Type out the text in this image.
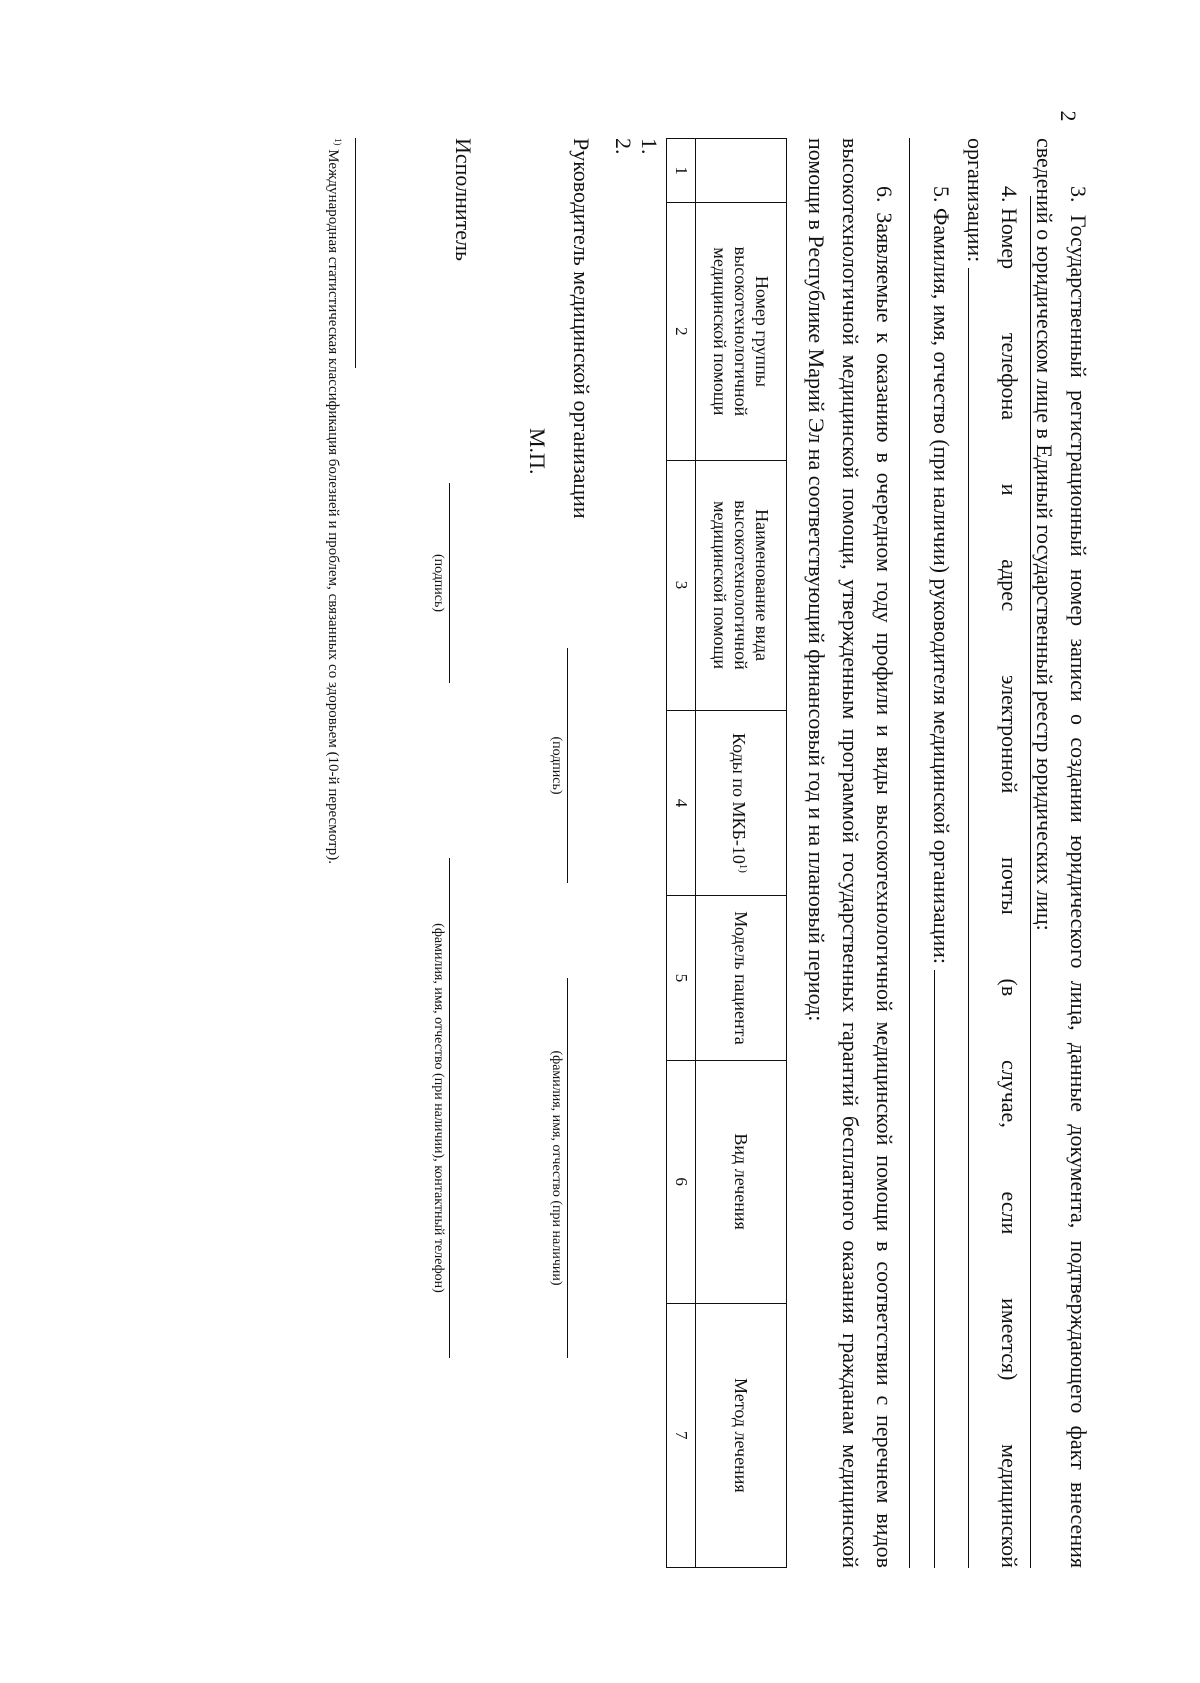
2

3. Государственный регистрационный номер записи о создании юридического лица, данные документа, подтверждающего факт внесения сведений о юридическом лице в Единый государственный реестр юридических лиц:

4. Номер
телефона
и
адрес
электронной
почты
(в
случае,
если
имеется)
медицинской
организации:
5. Фамилия, имя, отчество (при наличии) руководителя медицинской организации:

6. Заявляемые к оказанию в очередном году профили и виды высокотехнологичной медицинской помощи в соответствии с перечнем видов высокотехнологичной медицинской помощи, утвержденным программой государственных гарантий бесплатного оказания гражданам медицинской помощи в Республике Марий Эл на соответствующий финансовый год и на плановый период:

	Номер группы высокотехнологичной медицинской помощи	Наименование вида высокотехнологичной медицинской помощи	Коды по МКБ-10$^{1)}$	Модель пациента	Вид лечения	Метод лечения
1	2	3	4	5	6	7
1.
2.
Руководитель медицинской организации
М.П.
(подпись)
(фамилия, имя, отчество (при наличии)
Исполнитель
(подпись)
(фамилия, имя, отчество (при наличии), контактный телефон)
$^{1)}$ Международная статистическая классификация болезней и проблем, связанных со здоровьем (10-й пересмотр).
